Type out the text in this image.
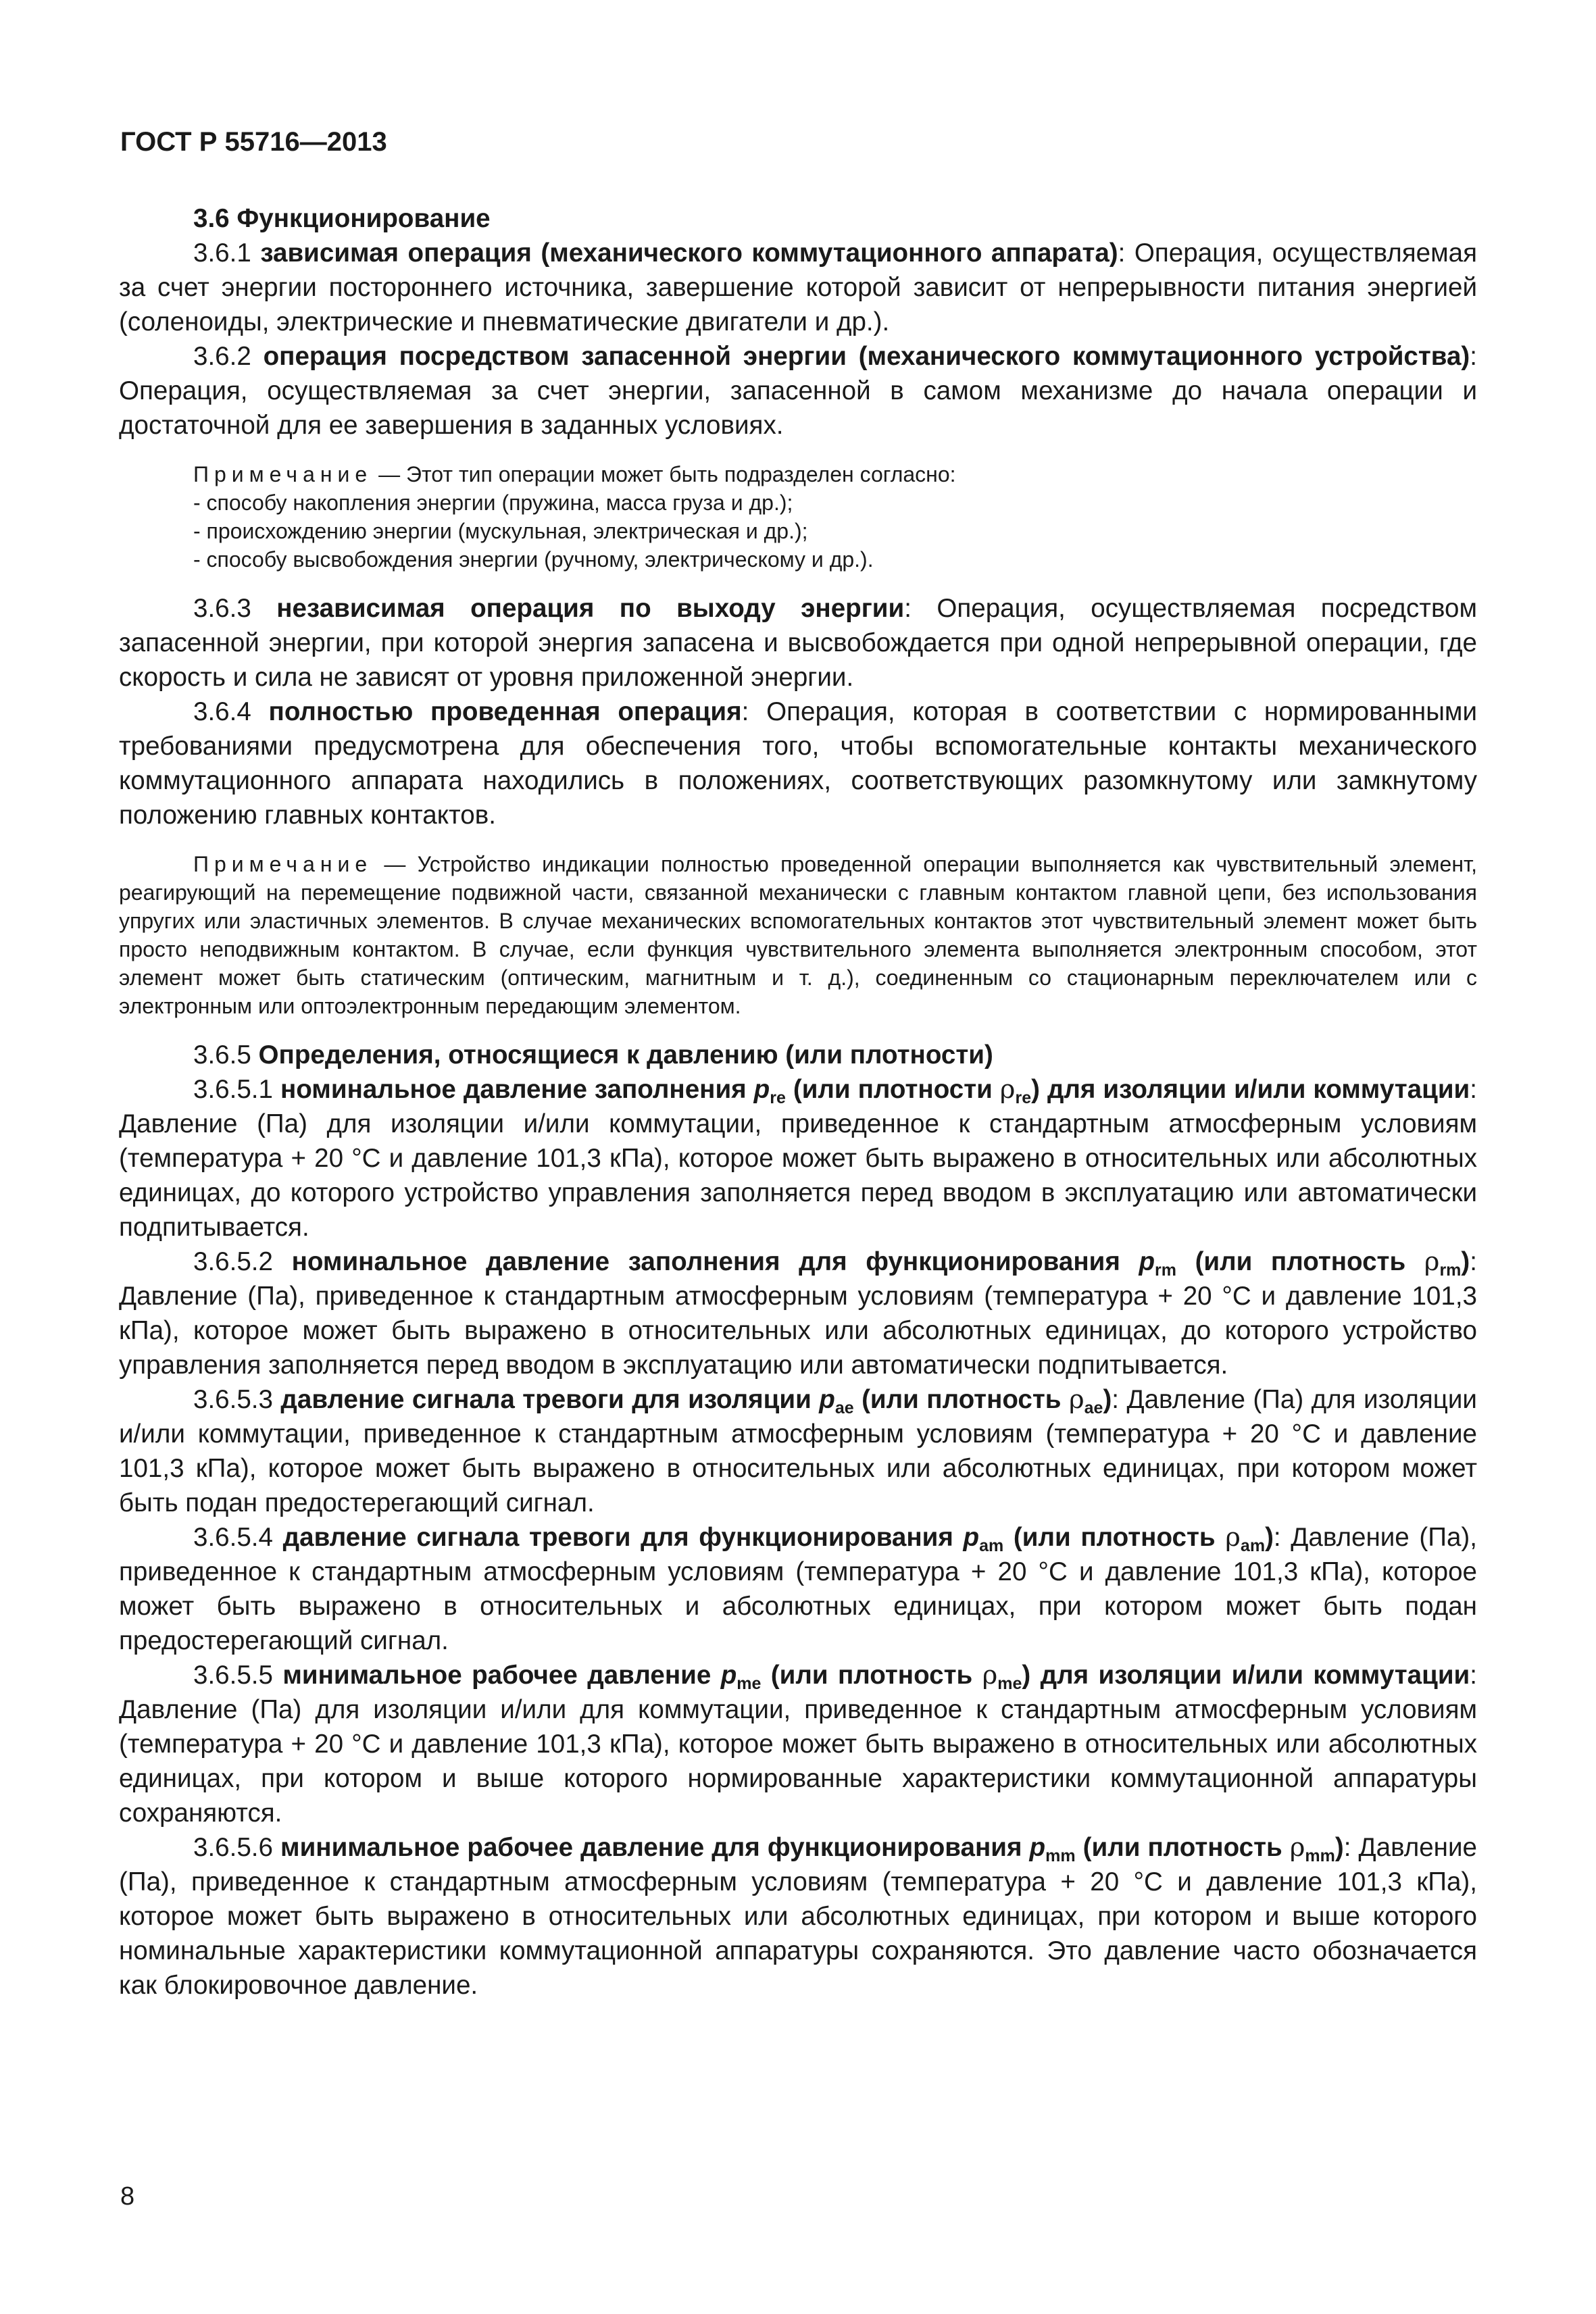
ГОСТ Р 55716—2013

3.6 Функционирование

3.6.1 зависимая операция (механического коммутационного аппарата): Операция, осуществляемая за счет энергии постороннего источника, завершение которой зависит от непрерывности питания энергией (соленоиды, электрические и пневматические двигатели и др.).

3.6.2 операция посредством запасенной энергии (механического коммутационного устройства): Операция, осуществляемая за счет энергии, запасенной в самом механизме до начала операции и достаточной для ее завершения в заданных условиях.

Примечание — Этот тип операции может быть подразделен согласно:

- способу накопления энергии (пружина, масса груза и др.);

- происхождению энергии (мускульная, электрическая и др.);

- способу высвобождения энергии (ручному, электрическому и др.).

3.6.3 независимая операция по выходу энергии: Операция, осуществляемая посредством запасенной энергии, при которой энергия запасена и высвобождается при одной непрерывной операции, где скорость и сила не зависят от уровня приложенной энергии.

3.6.4 полностью проведенная операция: Операция, которая в соответствии с нормированными требованиями предусмотрена для обеспечения того, чтобы вспомогательные контакты механического коммутационного аппарата находились в положениях, соответствующих разомкнутому или замкнутому положению главных контактов.

Примечание — Устройство индикации полностью проведенной операции выполняется как чувствительный элемент, реагирующий на перемещение подвижной части, связанной механически с главным контактом главной цепи, без использования упругих или эластичных элементов. В случае механических вспомогательных контактов этот чувствительный элемент может быть просто неподвижным контактом. В случае, если функция чувствительного элемента выполняется электронным способом, этот элемент может быть статическим (оптическим, магнитным и т. д.), соединенным со стационарным переключателем или с электронным или оптоэлектронным передающим элементом.

3.6.5 Определения, относящиеся к давлению (или плотности)

3.6.5.1 номинальное давление заполнения $p_{re}$ (или плотности $\rho_{re}$) для изоляции и/или коммутации: Давление (Па) для изоляции и/или коммутации, приведенное к стандартным атмосферным условиям (температура + 20 °С и давление 101,3 кПа), которое может быть выражено в относительных или абсолютных единицах, до которого устройство управления заполняется перед вводом в эксплуатацию или автоматически подпитывается.

3.6.5.2 номинальное давление заполнения для функционирования $p_{rm}$ (или плотность $\rho_{rm}$): Давление (Па), приведенное к стандартным атмосферным условиям (температура + 20 °С и давление 101,3 кПа), которое может быть выражено в относительных или абсолютных единицах, до которого устройство управления заполняется перед вводом в эксплуатацию или автоматически подпитывается.

3.6.5.3 давление сигнала тревоги для изоляции $p_{ae}$ (или плотность $\rho_{ae}$): Давление (Па) для изоляции и/или коммутации, приведенное к стандартным атмосферным условиям (температура + 20 °С и давление 101,3 кПа), которое может быть выражено в относительных или абсолютных единицах, при котором может быть подан предостерегающий сигнал.

3.6.5.4 давление сигнала тревоги для функционирования $p_{am}$ (или плотность $\rho_{am}$): Давление (Па), приведенное к стандартным атмосферным условиям (температура + 20 °С и давление 101,3 кПа), которое может быть выражено в относительных и абсолютных единицах, при котором может быть подан предостерегающий сигнал.

3.6.5.5 минимальное рабочее давление $p_{me}$ (или плотность $\rho_{me}$) для изоляции и/или коммутации: Давление (Па) для изоляции и/или для коммутации, приведенное к стандартным атмосферным условиям (температура + 20 °С и давление 101,3 кПа), которое может быть выражено в относительных или абсолютных единицах, при котором и выше которого нормированные характеристики коммутационной аппаратуры сохраняются.

3.6.5.6 минимальное рабочее давление для функционирования $p_{mm}$ (или плотность $\rho_{mm}$): Давление (Па), приведенное к стандартным атмосферным условиям (температура + 20 °С и давление 101,3 кПа), которое может быть выражено в относительных или абсолютных единицах, при котором и выше которого номинальные характеристики коммутационной аппаратуры сохраняются. Это давление часто обозначается как блокировочное давление.

8
